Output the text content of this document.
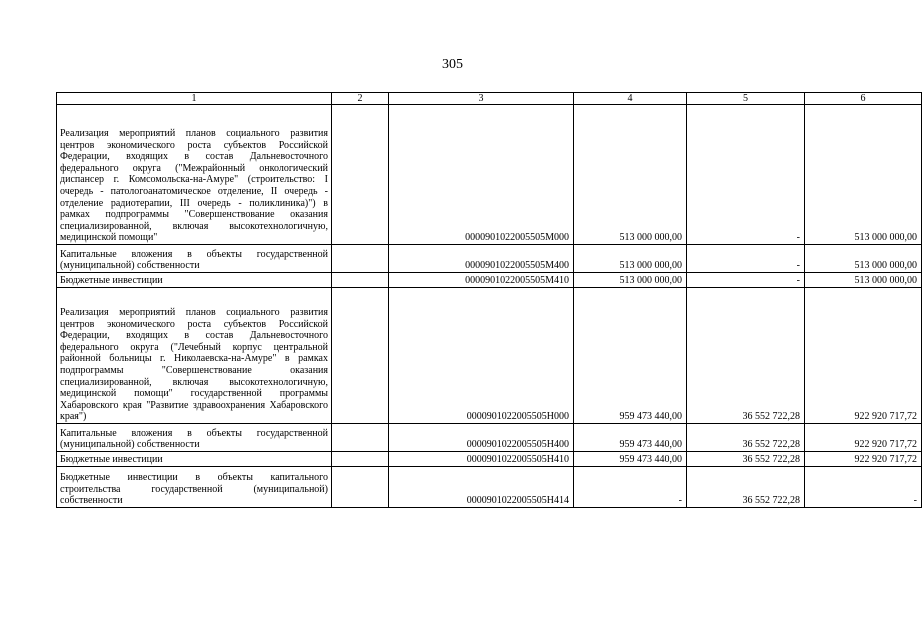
305
1	2	3	4	5	6
Реализация мероприятий планов социального развития центров экономического роста субъектов Российской Федерации, входящих в состав Дальневосточного федерального округа ("Межрайонный онкологический диспансер г. Комсомольска-на-Амуре" (строительство: I очередь - патологоанатомическое отделение, II очередь - отделение радиотерапии, III очередь - поликлиника)") в рамках подпрограммы "Совершенствование оказания специализированной, включая высокотехнологичную, медицинской помощи"		0000901022005505М000	513 000 000,00	-	513 000 000,00
Капитальные вложения в объекты государственной (муниципальной) собственности		0000901022005505М400	513 000 000,00	-	513 000 000,00
Бюджетные инвестиции		0000901022005505М410	513 000 000,00	-	513 000 000,00
Реализация мероприятий планов социального развития центров экономического роста субъектов Российской Федерации, входящих в состав Дальневосточного федерального округа ("Лечебный корпус центральной районной больницы г. Николаевска-на-Амуре" в рамках подпрограммы "Совершенствование оказания специализированной, включая высокотехнологичную, медицинской помощи" государственной программы Хабаровского края "Развитие здравоохранения Хабаровского края")		0000901022005505Н000	959 473 440,00	36 552 722,28	922 920 717,72
Капитальные вложения в объекты государственной (муниципальной) собственности		0000901022005505Н400	959 473 440,00	36 552 722,28	922 920 717,72
Бюджетные инвестиции		0000901022005505Н410	959 473 440,00	36 552 722,28	922 920 717,72
Бюджетные инвестиции в объекты капитального строительства государственной (муниципальной) собственности		0000901022005505Н414	-	36 552 722,28	-
